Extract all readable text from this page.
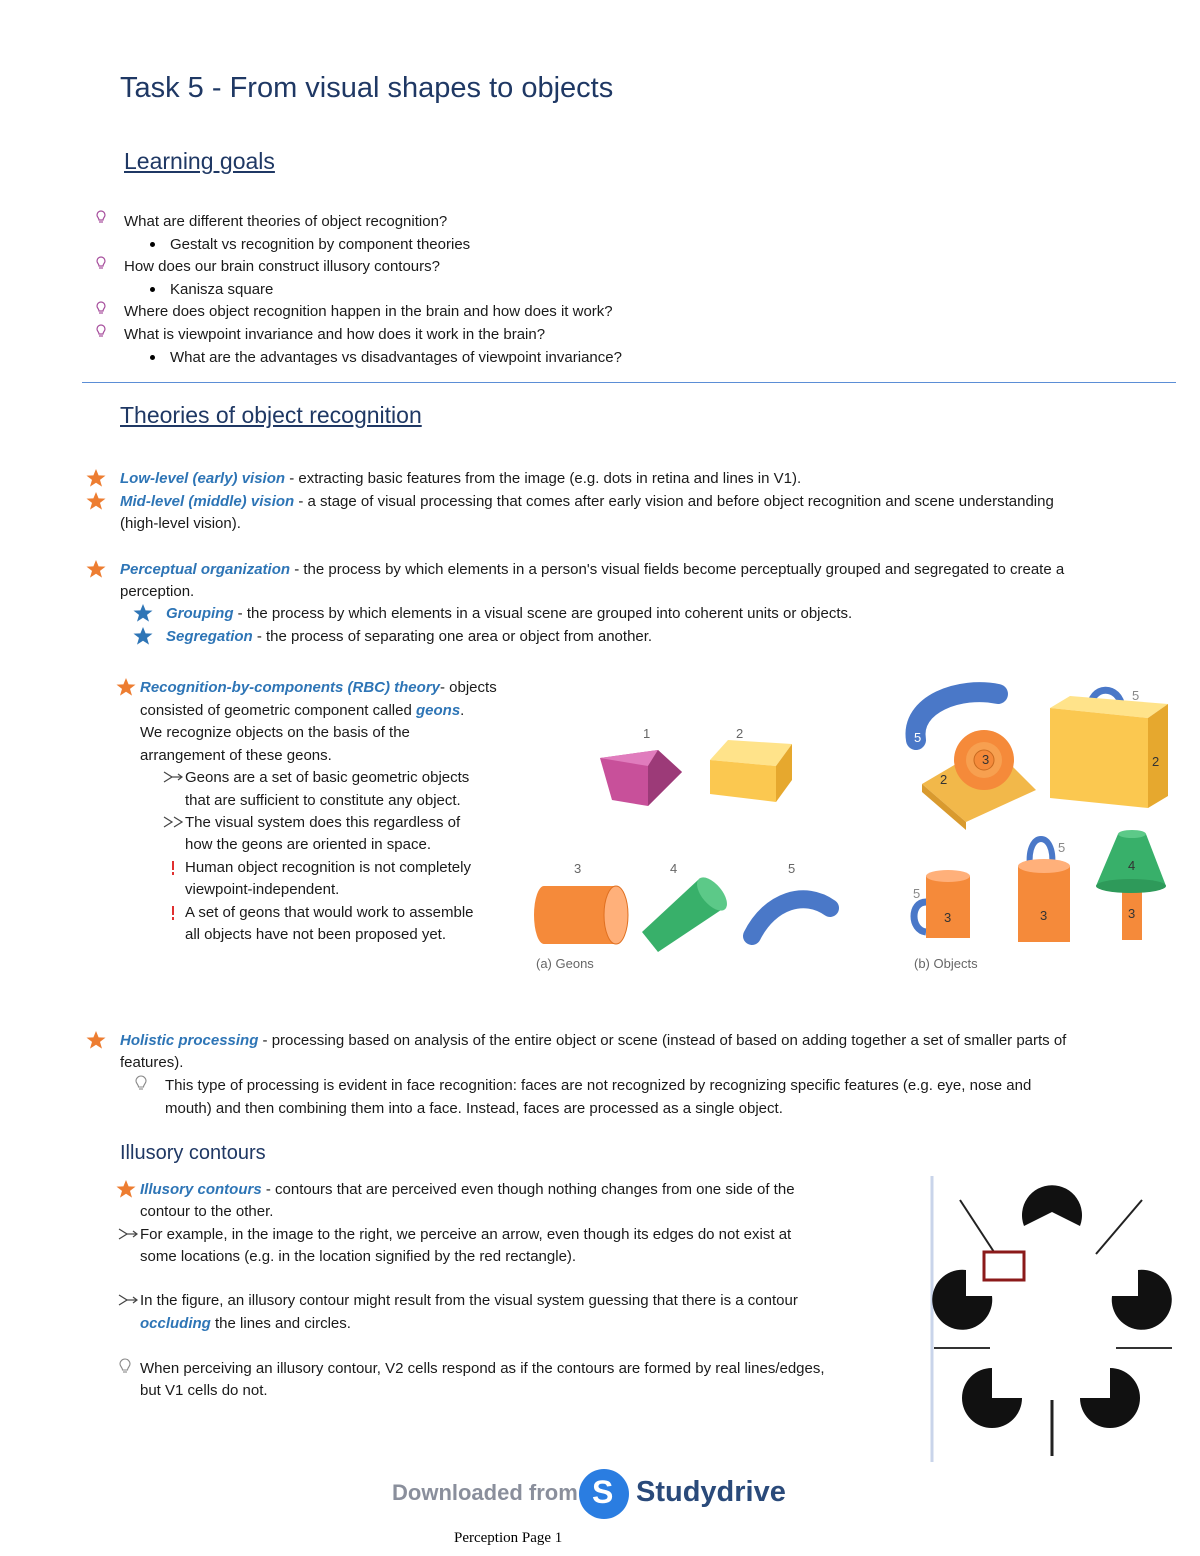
Task 5 - From visual shapes to objects
Learning goals
What are different theories of object recognition?
Gestalt vs recognition by component theories
How does our brain construct illusory contours?
Kanisza square
Where does object recognition happen in the brain and how does it work?
What is viewpoint invariance and how does it work in the brain?
What are the advantages vs disadvantages of viewpoint invariance?
Theories of object recognition
Low-level (early) vision - extracting basic features from the image (e.g. dots in retina and lines in V1).
Mid-level (middle) vision - a stage of visual processing that comes after early vision and before object recognition and scene understanding
(high-level vision).
Perceptual organization - the process by which elements in a person's visual fields become perceptually grouped and segregated to create a
perception.
Grouping - the process by which elements in a visual scene are grouped into coherent units or objects.
Segregation - the process of separating one area or object from another.
Recognition-by-components (RBC) theory- objects
consisted of geometric component called geons.
We recognize objects on the basis of the
arrangement of these geons.
Geons are a set of basic geometric objects
that are sufficient to constitute any object.
The visual system does this regardless of
how the geons are oriented in space.
Human object recognition is not completely
viewpoint-independent.
A set of geons that would work to assemble
all objects have not been proposed yet.
1	2
3	4	5
(a) Geons
5
3
2
5
2
5
3
5
3
4
3
(b) Objects
Holistic processing - processing based on analysis of the entire object or scene (instead of based on adding together a set of smaller parts of
features).
This type of processing is evident in face recognition: faces are not recognized by recognizing specific features (e.g. eye, nose and
mouth) and then combining them into a face. Instead, faces are processed as a single object.
Illusory contours
Illusory contours - contours that are perceived even though nothing changes from one side of the
contour to the other.
For example, in the image to the right, we perceive an arrow, even though its edges do not exist at
some locations (e.g. in the location signified by the red rectangle).
In the figure, an illusory contour might result from the visual system guessing that there is a contour
occluding the lines and circles.
When perceiving an illusory contour, V2 cells respond as if the contours are formed by real lines/edges,
but V1 cells do not.
Downloaded from S Studydrive
Perception Page 1
